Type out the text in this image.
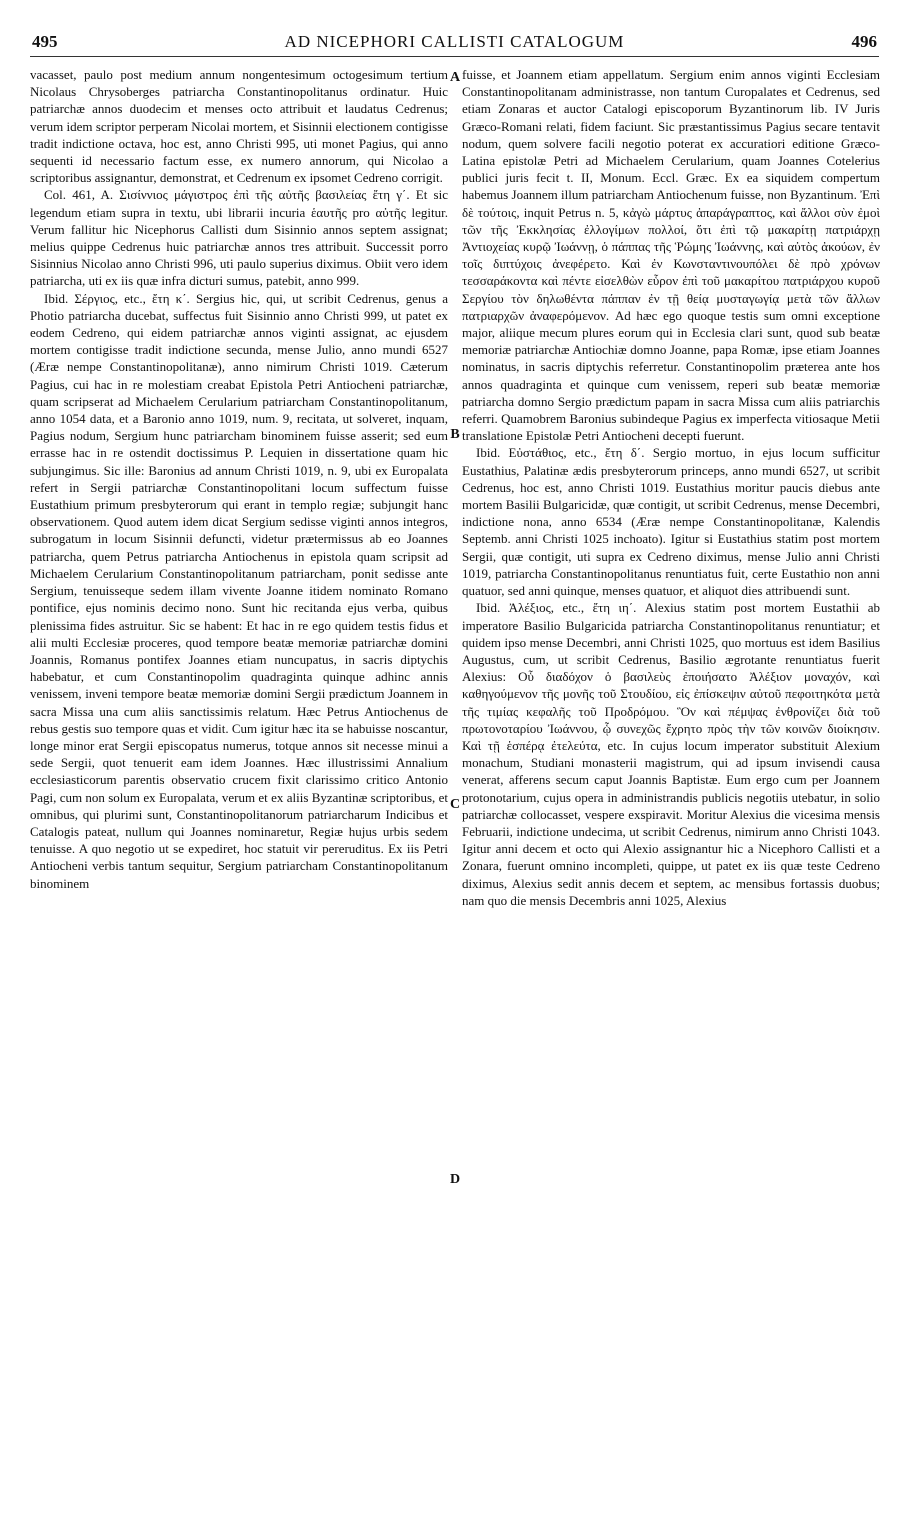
495	AD NICEPHORI CALLISTI CATALOGUM	496

vacasset, paulo post medium annum nongentesimum octogesimum tertium Nicolaus Chrysoberges patriarcha Constantinopolitanus ordinatur. Huic patriarchæ annos duodecim et menses octo attribuit et laudatus Cedrenus; verum idem scriptor perperam Nicolai mortem, et Sisinnii electionem contigisse tradit indictione octava, hoc est, anno Christi 995, uti monet Pagius, qui anno sequenti id necessario factum esse, ex numero annorum, qui Nicolao a scriptoribus assignantur, demonstrat, et Cedrenum ex ipsomet Cedreno corrigit.

Col. 461, A. Σισίννιος μάγιστρος ἐπὶ τῆς αὐτῆς βασιλείας ἔτη γ΄. Et sic legendum etiam supra in textu, ubi librarii incuria ἑαυτῆς pro αὐτῆς legitur. Verum fallitur hic Nicephorus Callisti dum Sisinnio annos septem assignat; melius quippe Cedrenus huic patriarchæ annos tres attribuit. Successit porro Sisinnius Nicolao anno Christi 996, uti paulo superius diximus. Obiit vero idem patriarcha, uti ex iis quæ infra dicturi sumus, patebit, anno 999.

Ibid. Σέργιος, etc., ἔτη κ΄. Sergius hic, qui, ut scribit Cedrenus, genus a Photio patriarcha ducebat, suffectus fuit Sisinnio anno Christi 999, ut patet ex eodem Cedreno, qui eidem patriarchæ annos viginti assignat, ac ejusdem mortem contigisse tradit indictione secunda, mense Julio, anno mundi 6527 (Æræ nempe Constantinopolitanæ), anno nimirum Christi 1019. Cæterum Pagius, cui hac in re molestiam creabat Epistola Petri Antiocheni patriarchæ, quam scripserat ad Michaelem Cerularium patriarcham Constantinopolitanum, anno 1054 data, et a Baronio anno 1019, num. 9, recitata, ut solveret, inquam, Pagius nodum, Sergium hunc patriarcham binominem fuisse asserit; sed eum errasse hac in re ostendit doctissimus P. Lequien in dissertatione quam hic subjungimus. Sic ille: Baronius ad annum Christi 1019, n. 9, ubi ex Europalata refert in Sergii patriarchæ Constantinopolitani locum suffectum fuisse Eustathium primum presbyterorum qui erant in templo regiæ; subjungit hanc observationem. Quod autem idem dicat Sergium sedisse viginti annos integros, subrogatum in locum Sisinnii defuncti, videtur prætermissus ab eo Joannes patriarcha, quem Petrus patriarcha Antiochenus in epistola quam scripsit ad Michaelem Cerularium Constantinopolitanum patriarcham, ponit sedisse ante Sergium, tenuisseque sedem illam vivente Joanne itidem nominato Romano pontifice, ejus nominis decimo nono. Sunt hic recitanda ejus verba, quibus plenissima fides astruitur. Sic se habent: Et hac in re ego quidem testis fidus et alii multi Ecclesiæ proceres, quod tempore beatæ memoriæ patriarchæ domini Joannis, Romanus pontifex Joannes etiam nuncupatus, in sacris diptychis habebatur, et cum Constantinopolim quadraginta quinque adhinc annis venissem, inveni tempore beatæ memoriæ domini Sergii prædictum Joannem in sacra Missa una cum aliis sanctissimis relatum. Hæc Petrus Antiochenus de rebus gestis suo tempore quas et vidit. Cum igitur hæc ita se habuisse noscantur, longe minor erat Sergii episcopatus numerus, totque annos sit necesse minui a sede Sergii, quot tenuerit eam idem Joannes. Hæc illustrissimi Annalium ecclesiasticorum parentis observatio crucem fixit clarissimo critico Antonio Pagi, cum non solum ex Europalata, verum et ex aliis Byzantinæ scriptoribus, et omnibus, qui plurimi sunt, Constantinopolitanorum patriarcharum Indicibus et Catalogis pateat, nullum qui Joannes nominaretur, Regiæ hujus urbis sedem tenuisse. A quo negotio ut se expediret, hoc statuit vir pereruditus. Ex iis Petri Antiocheni verbis tantum sequitur, Sergium patriarcham Constantinopolitanum binominem

A
B
C
D

fuisse, et Joannem etiam appellatum. Sergium enim annos viginti Ecclesiam Constantinopolitanam administrasse, non tantum Curopalates et Cedrenus, sed etiam Zonaras et auctor Catalogi episcoporum Byzantinorum lib. IV Juris Græco-Romani relati, fidem faciunt. Sic præstantissimus Pagius secare tentavit nodum, quem solvere facili negotio poterat ex accuratiori editione Græco-Latina epistolæ Petri ad Michaelem Cerularium, quam Joannes Cotelerius publici juris fecit t. II, Monum. Eccl. Græc. Ex ea siquidem compertum habemus Joannem illum patriarcham Antiochenum fuisse, non Byzantinum. Ἐπὶ δὲ τούτοις, inquit Petrus n. 5, κἀγὼ μάρτυς ἀπαράγραπτος, καὶ ἄλλοι σὺν ἐμοὶ τῶν τῆς Ἐκκλησίας ἐλλογίμων πολλοί, ὅτι ἐπὶ τῷ μακαρίτῃ πατριάρχῃ Ἀντιοχείας κυρῷ Ἰωάννῃ, ὁ πάππας τῆς Ῥώμης Ἰωάννης, καὶ αὐτὸς ἀκούων, ἐν τοῖς διπτύχοις ἀνεφέρετο. Καὶ ἐν Κωνσταντινουπόλει δὲ πρὸ χρόνων τεσσαράκοντα καὶ πέντε εἰσελθὼν εὗρον ἐπὶ τοῦ μακαρίτου πατριάρχου κυροῦ Σεργίου τὸν δηλωθέντα πάππαν ἐν τῇ θείᾳ μυσταγωγίᾳ μετὰ τῶν ἄλλων πατριαρχῶν ἀναφερόμενον. Ad hæc ego quoque testis sum omni exceptione major, aliique mecum plures eorum qui in Ecclesia clari sunt, quod sub beatæ memoriæ patriarchæ Antiochiæ domno Joanne, papa Romæ, ipse etiam Joannes nominatus, in sacris diptychis referretur. Constantinopolim præterea ante hos annos quadraginta et quinque cum venissem, reperi sub beatæ memoriæ patriarcha domno Sergio prædictum papam in sacra Missa cum aliis patriarchis referri. Quamobrem Baronius subindeque Pagius ex imperfecta vitiosaque Metii translatione Epistolæ Petri Antiocheni decepti fuerunt.

Ibid. Εὐστάθιος, etc., ἔτη δ΄. Sergio mortuo, in ejus locum sufficitur Eustathius, Palatinæ ædis presbyterorum princeps, anno mundi 6527, ut scribit Cedrenus, hoc est, anno Christi 1019. Eustathius moritur paucis diebus ante mortem Basilii Bulgaricidæ, quæ contigit, ut scribit Cedrenus, mense Decembri, indictione nona, anno 6534 (Æræ nempe Constantinopolitanæ, Kalendis Septemb. anni Christi 1025 inchoato). Igitur si Eustathius statim post mortem Sergii, quæ contigit, uti supra ex Cedreno diximus, mense Julio anni Christi 1019, patriarcha Constantinopolitanus renuntiatus fuit, certe Eustathio non anni quatuor, sed anni quinque, menses quatuor, et aliquot dies attribuendi sunt.

Ibid. Ἀλέξιος, etc., ἔτη ιη΄. Alexius statim post mortem Eustathii ab imperatore Basilio Bulgaricida patriarcha Constantinopolitanus renuntiatur; et quidem ipso mense Decembri, anni Christi 1025, quo mortuus est idem Basilius Augustus, cum, ut scribit Cedrenus, Basilio ægrotante renuntiatus fuerit Alexius: Οὗ διαδόχον ὁ βασιλεὺς ἐποιήσατο Ἀλέξιον μοναχόν, καὶ καθηγούμενον τῆς μονῆς τοῦ Στουδίου, εἰς ἐπίσκεψιν αὐτοῦ πεφοιτηκότα μετὰ τῆς τιμίας κεφαλῆς τοῦ Προδρόμου. Ὃν καὶ πέμψας ἐνθρονίζει διὰ τοῦ πρωτονοταρίου Ἰωάννου, ᾧ συνεχῶς ἔχρητο πρὸς τὴν τῶν κοινῶν διοίκησιν. Καὶ τῇ ἑσπέρᾳ ἐτελεύτα, etc. In cujus locum imperator substituit Alexium monachum, Studiani monasterii magistrum, qui ad ipsum invisendi causa venerat, afferens secum caput Joannis Baptistæ. Eum ergo cum per Joannem protonotarium, cujus opera in administrandis publicis negotiis utebatur, in solio patriarchæ collocasset, vespere exspiravit. Moritur Alexius die vicesima mensis Februarii, indictione undecima, ut scribit Cedrenus, nimirum anno Christi 1043. Igitur anni decem et octo qui Alexio assignantur hic a Nicephoro Callisti et a Zonara, fuerunt omnino incompleti, quippe, ut patet ex iis quæ teste Cedreno diximus, Alexius sedit annis decem et septem, ac mensibus fortassis duobus; nam quo die mensis Decembris anni 1025, Alexius
